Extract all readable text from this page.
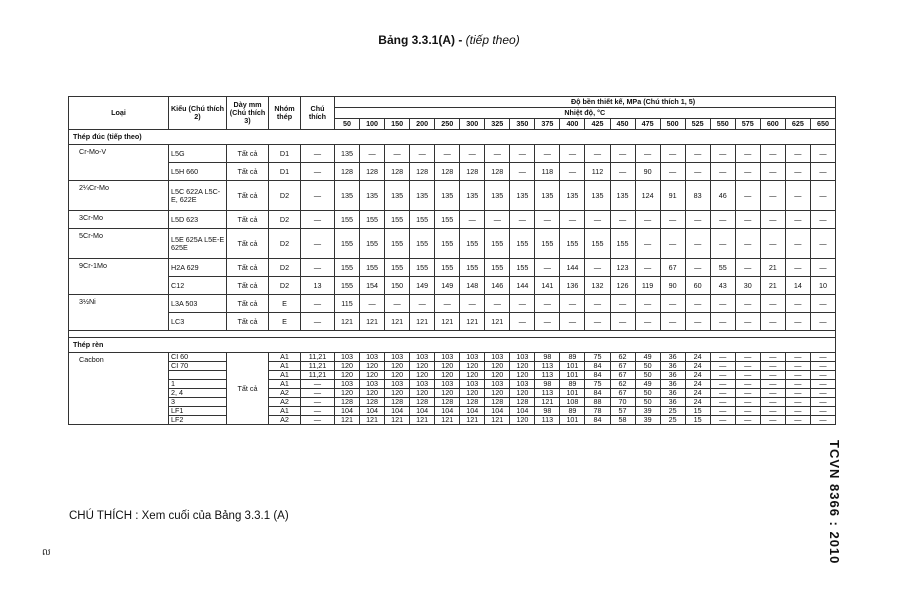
Bảng 3.3.1(A) - (tiếp theo)
Loại	Kiểu (Chú thích 2)	Dày mm (Chú thích 3)	Nhóm thép	Chú thích	Độ bền thiết kế, MPa (Chú thích 1, 5)																			
					Nhiệt độ, °C																			
					50	100	150	200	250	300	325	350	375	400	425	450	475	500	525	550	575	600	625	650
Thép đúc (tiếp theo)																								
Cr-Mo-V	L5G	Tất cả	D1	—	135	—	—	—	—	—	—	—	—	—	—	—	—	—	—	—	—	—	—	—
	L5H 660	Tất cả	D1	—	128	128	128	128	128	128	128	—	118	—	112	—	90	—	—	—	—	—	—	—
2¼Cr-Mo	L5C 622A L5C-E, 622E	Tất cả	D2	—	135	135	135	135	135	135	135	135	135	135	135	135	124	91	83	46	—	—	—	—
3Cr-Mo	L5D 623	Tất cả	D2	—	155	155	155	155	155	—	—	—	—	—	—	—	—	—	—	—	—	—	—	—
5Cr-Mo	L5E 625A L5E-E 625E	Tất cả	D2	—	155	155	155	155	155	155	155	155	155	155	155	155	—	—	—	—	—	—	—	—
9Cr-1Mo	H2A 629	Tất cả	D2	—	155	155	155	155	155	155	155	155	—	144	—	123	—	67	—	55	—	21	—	—
	C12	Tất cả	D2	13	155	154	150	149	149	148	146	144	141	136	132	126	119	90	60	43	30	21	14	10
3½Ni	L3A 503	Tất cả	E	—	115	—	—	—	—	—	—	—	—	—	—	—	—	—	—	—	—	—	—	—
	LC3	Tất cả	E	—	121	121	121	121	121	121	121	—	—	—	—	—	—	—	—	—	—	—	—	—

Thép rèn																								
Cacbon	CI 60	Tất cả	A1	11,21	103	103	103	103	103	103	103	103	98	89	75	62	49	36	24	—	—	—	—	—
	CI 70		A1	11,21	120	120	120	120	120	120	120	120	113	101	84	67	50	36	24	—	—	—	—	—
			A1	11,21	120	120	120	120	120	120	120	120	113	101	84	67	50	36	24	—	—	—	—	—
	1		A1	—	103	103	103	103	103	103	103	103	98	89	75	62	49	36	24	—	—	—	—	—
	2, 4		A2	—	120	120	120	120	120	120	120	120	113	101	84	67	50	36	24	—	—	—	—	—
	3		A2	—	128	128	128	128	128	128	128	128	121	108	88	70	50	36	24	—	—	—	—	—
	LF1		A1	—	104	104	104	104	104	104	104	104	98	89	78	57	39	25	15	—	—	—	—	—
	LF2		A2	—	121	121	121	121	121	121	121	120	113	101	84	58	39	25	15	—	—	—	—	—
CHÚ THÍCH : Xem cuối của Bảng 3.3.1 (A)	TCVN 8366 : 2010
ល
